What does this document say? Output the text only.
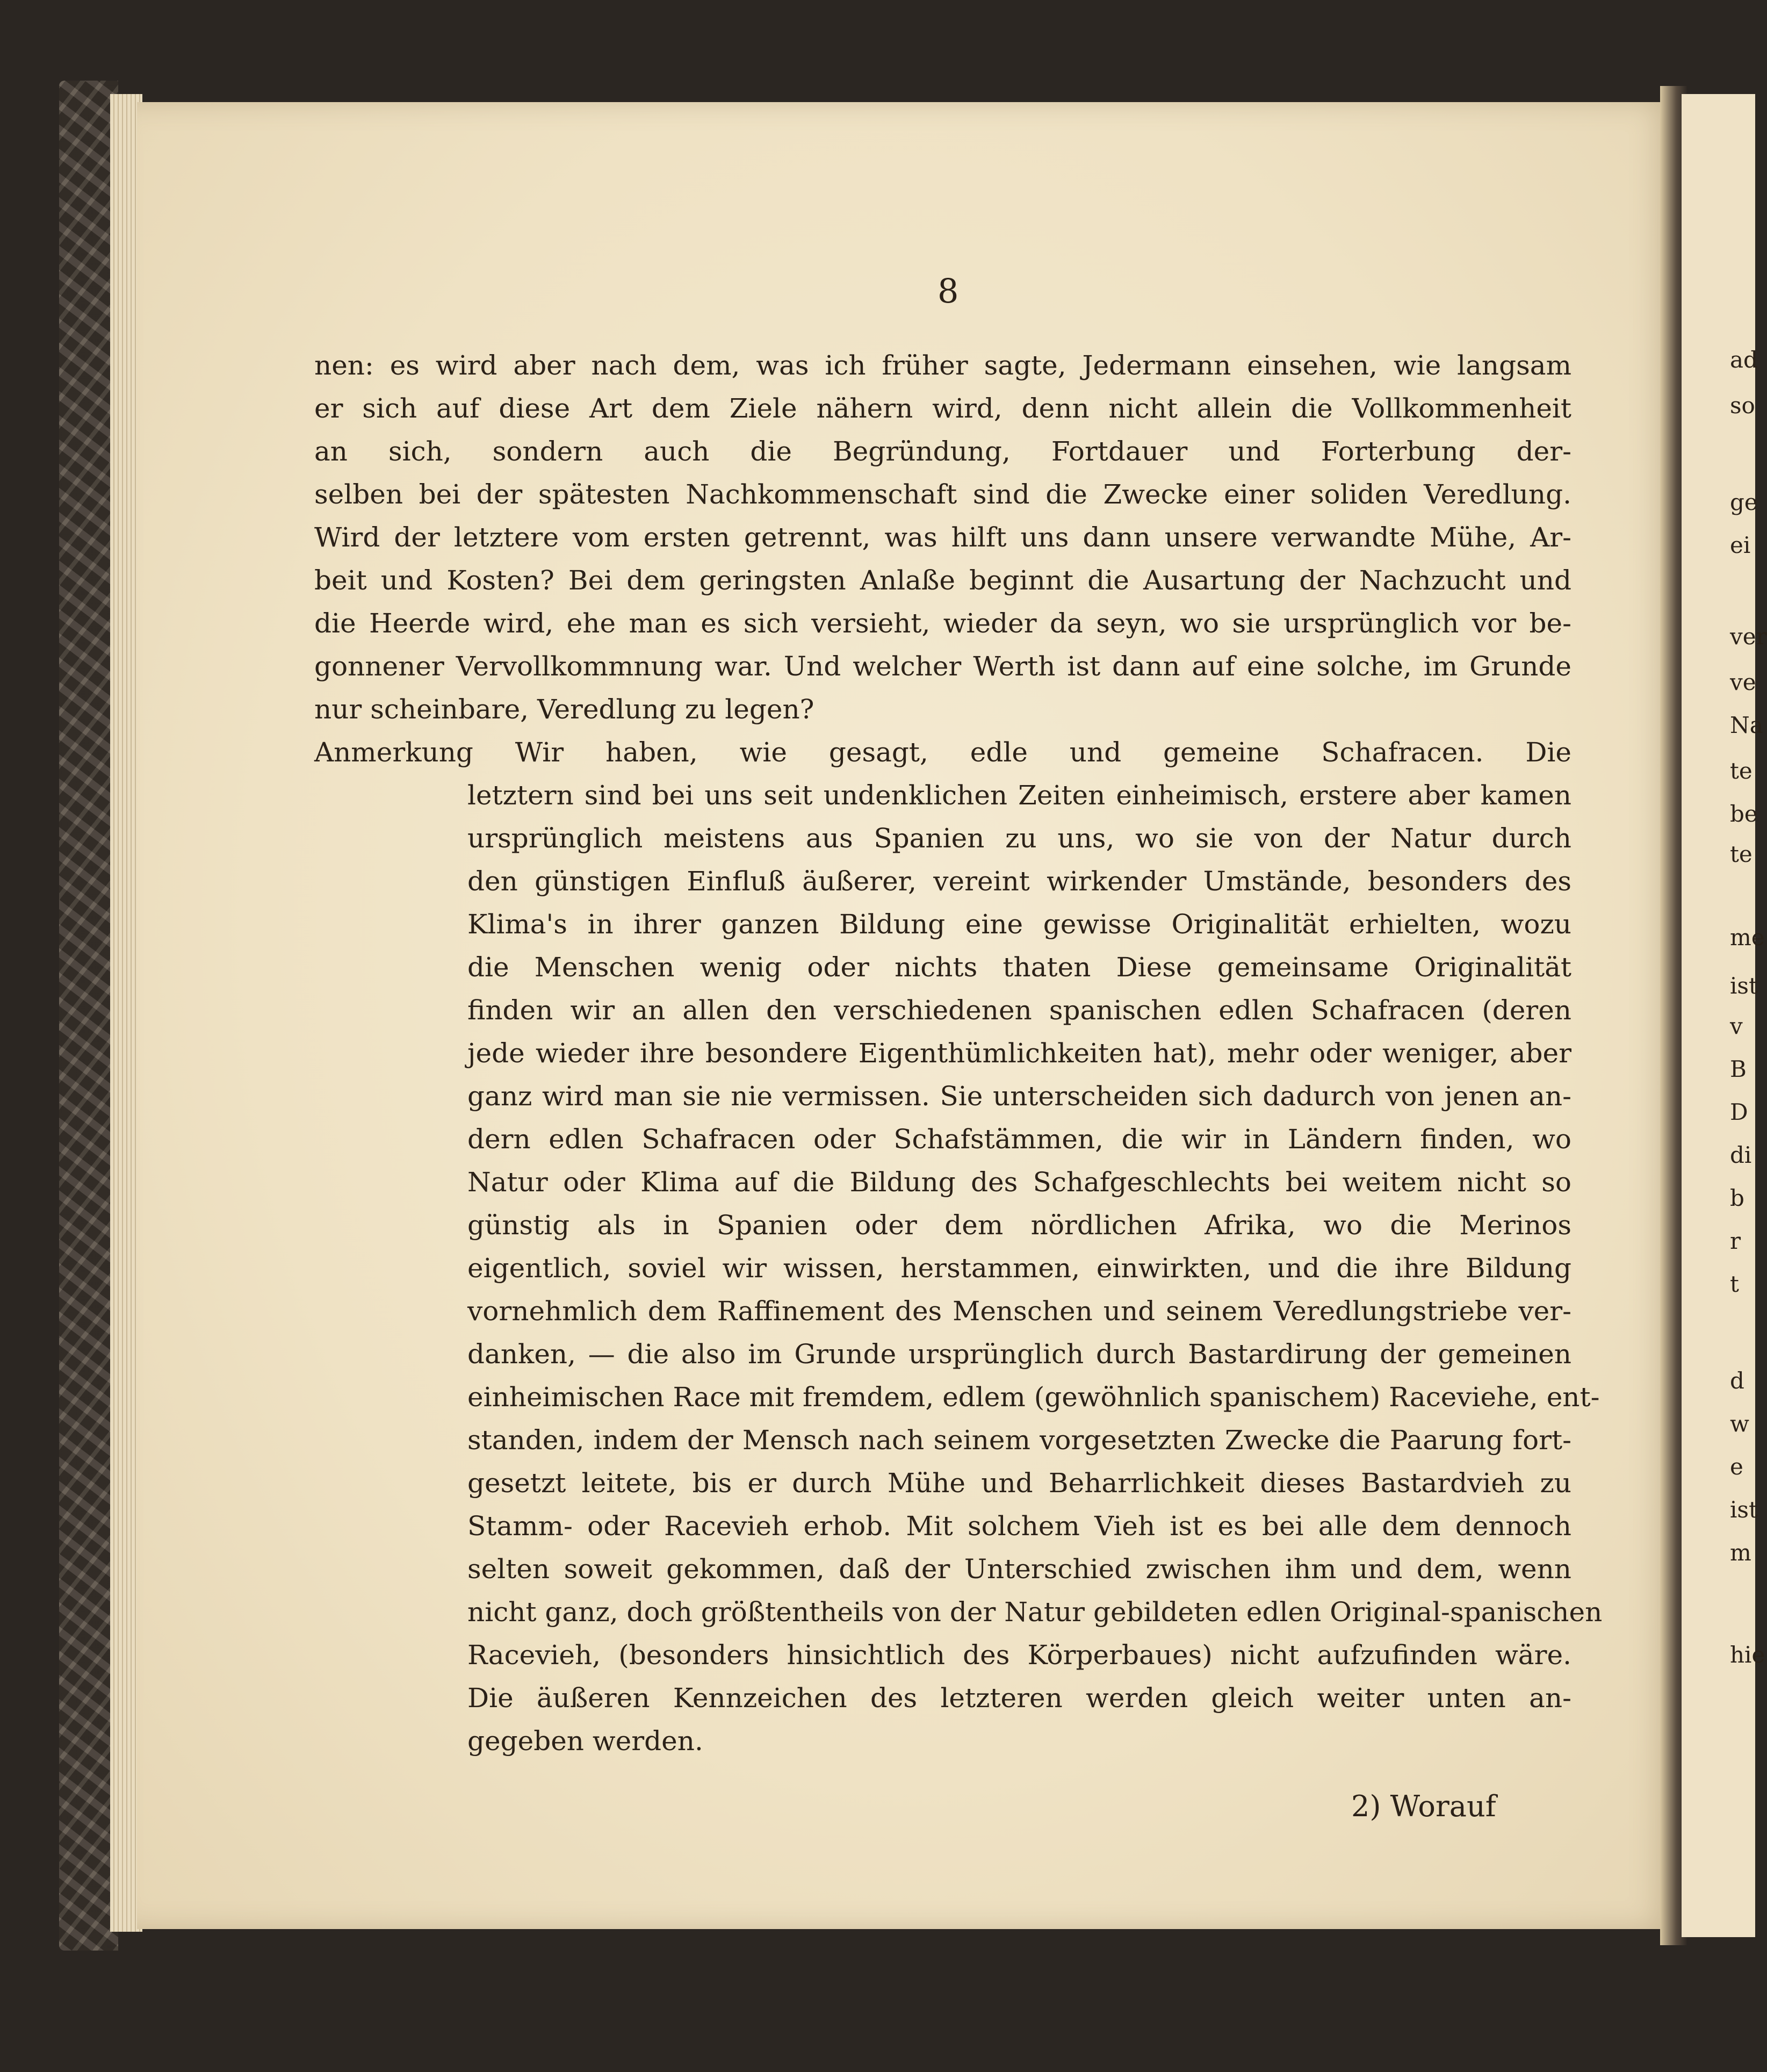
ad
so
ge
ei
ver
ve
Na
te
be
te
me
ist
v
B
D
di
b
r
t
d
w
e
ist
m
hie
8
nen: es wird aber nach dem, was ich früher sagte, Jedermann einsehen, wie langsam
er sich auf diese Art dem Ziele nähern wird, denn nicht allein die Vollkommenheit
an sich, sondern auch die Begründung, Fortdauer und Forterbung der-
selben bei der spätesten Nachkommenschaft sind die Zwecke einer soliden Veredlung.
Wird der letztere vom ersten getrennt, was hilft uns dann unsere verwandte Mühe, Ar-
beit und Kosten? Bei dem geringsten Anlaße beginnt die Ausartung der Nachzucht und
die Heerde wird, ehe man es sich versieht, wieder da seyn, wo sie ursprünglich vor be-
gonnener Vervollkommnung war. Und welcher Werth ist dann auf eine solche, im Grunde
nur scheinbare, Veredlung zu legen?
Anmerkung Wir haben, wie gesagt, edle und gemeine Schafracen. Die
letztern sind bei uns seit undenklichen Zeiten einheimisch, erstere aber kamen
ursprünglich meistens aus Spanien zu uns, wo sie von der Natur durch
den günstigen Einfluß äußerer, vereint wirkender Umstände, besonders des
Klima's in ihrer ganzen Bildung eine gewisse Originalität erhielten, wozu
die Menschen wenig oder nichts thaten Diese gemeinsame Originalität
finden wir an allen den verschiedenen spanischen edlen Schafracen (deren
jede wieder ihre besondere Eigenthümlichkeiten hat), mehr oder weniger, aber
ganz wird man sie nie vermissen. Sie unterscheiden sich dadurch von jenen an-
dern edlen Schafracen oder Schafstämmen, die wir in Ländern finden, wo
Natur oder Klima auf die Bildung des Schafgeschlechts bei weitem nicht so
günstig als in Spanien oder dem nördlichen Afrika, wo die Merinos
eigentlich, soviel wir wissen, herstammen, einwirkten, und die ihre Bildung
vornehmlich dem Raffinement des Menschen und seinem Veredlungstriebe ver-
danken, — die also im Grunde ursprünglich durch Bastardirung der gemeinen
einheimischen Race mit fremdem, edlem (gewöhnlich spanischem) Raceviehe, ent-
standen, indem der Mensch nach seinem vorgesetzten Zwecke die Paarung fort-
gesetzt leitete, bis er durch Mühe und Beharrlichkeit dieses Bastardvieh zu
Stamm- oder Racevieh erhob. Mit solchem Vieh ist es bei alle dem dennoch
selten soweit gekommen, daß der Unterschied zwischen ihm und dem, wenn
nicht ganz, doch größtentheils von der Natur gebildeten edlen Original-spanischen
Racevieh, (besonders hinsichtlich des Körperbaues) nicht aufzufinden wäre.
Die äußeren Kennzeichen des letzteren werden gleich weiter unten an-
gegeben werden.
2) Worauf
